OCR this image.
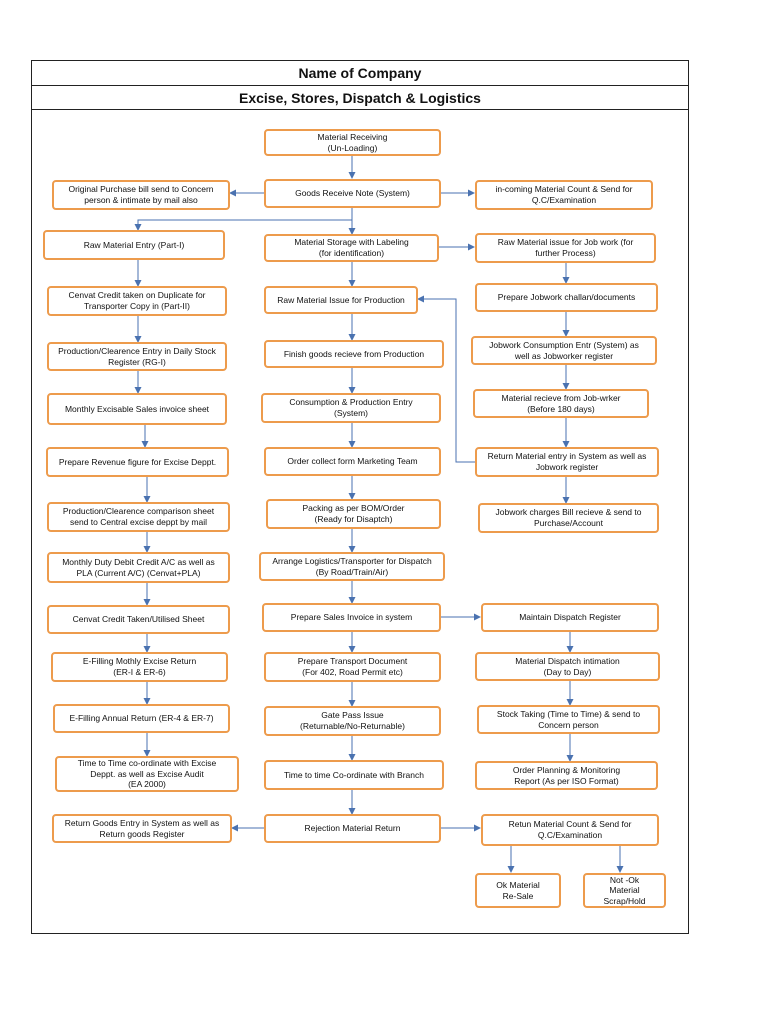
Name of Company
Excise, Stores, Dispatch & Logistics
Material Receiving
(Un-Loading)
Goods Receive Note (System)
Material Storage with Labeling
(for identification)
Raw Material Issue for Production
Finish goods recieve from Production
Consumption & Production Entry
(System)
Order collect form Marketing Team
Packing as per BOM/Order
(Ready for Disaptch)
Arrange Logistics/Transporter for Dispatch
(By Road/Train/Air)
Prepare Sales Invoice in system
Prepare Transport Document
(For 402, Road Permit etc)
Gate Pass Issue
(Returnable/No-Returnable)
Time to time Co-ordinate with Branch
Rejection Material Return
Original Purchase bill send to Concern
person & intimate by mail also
Raw Material Entry (Part-I)
Cenvat Credit taken on Duplicate for
Transporter Copy in (Part-II)
Production/Clearence Entry in Daily Stock
Register (RG-I)
Monthly Excisable Sales invoice sheet
Prepare Revenue figure for Excise Deppt.
Production/Clearence comparison sheet
send to Central excise deppt by mail
Monthly Duty Debit Credit A/C as well as
PLA (Current A/C) (Cenvat+PLA)
Cenvat Credit Taken/Utilised Sheet
E-Filling Mothly Excise Return
(ER-I & ER-6)
E-Filling Annual Return (ER-4 & ER-7)
Time to Time co-ordinate with Excise
Deppt. as well as Excise Audit
(EA 2000)
Return Goods Entry in System as well as
Return goods Register
in-coming Material Count & Send for
Q.C/Examination
Raw Material issue for Job work (for
further Process)
Prepare Jobwork challan/documents
Jobwork Consumption Entr (System) as
well as Jobworker register
Material recieve from Job-wrker
(Before 180 days)
Return Material entry in System as well as
Jobwork register
Jobwork charges Bill recieve & send to
Purchase/Account
Maintain Dispatch Register
Material Dispatch intimation
(Day to Day)
Stock Taking (Time to Time) & send to
Concern person
Order Planning & Monitoring
Report (As per ISO Format)
Retun Material Count & Send for
Q.C/Examination
Ok Material
Re-Sale
Not -Ok
Material
Scrap/Hold
